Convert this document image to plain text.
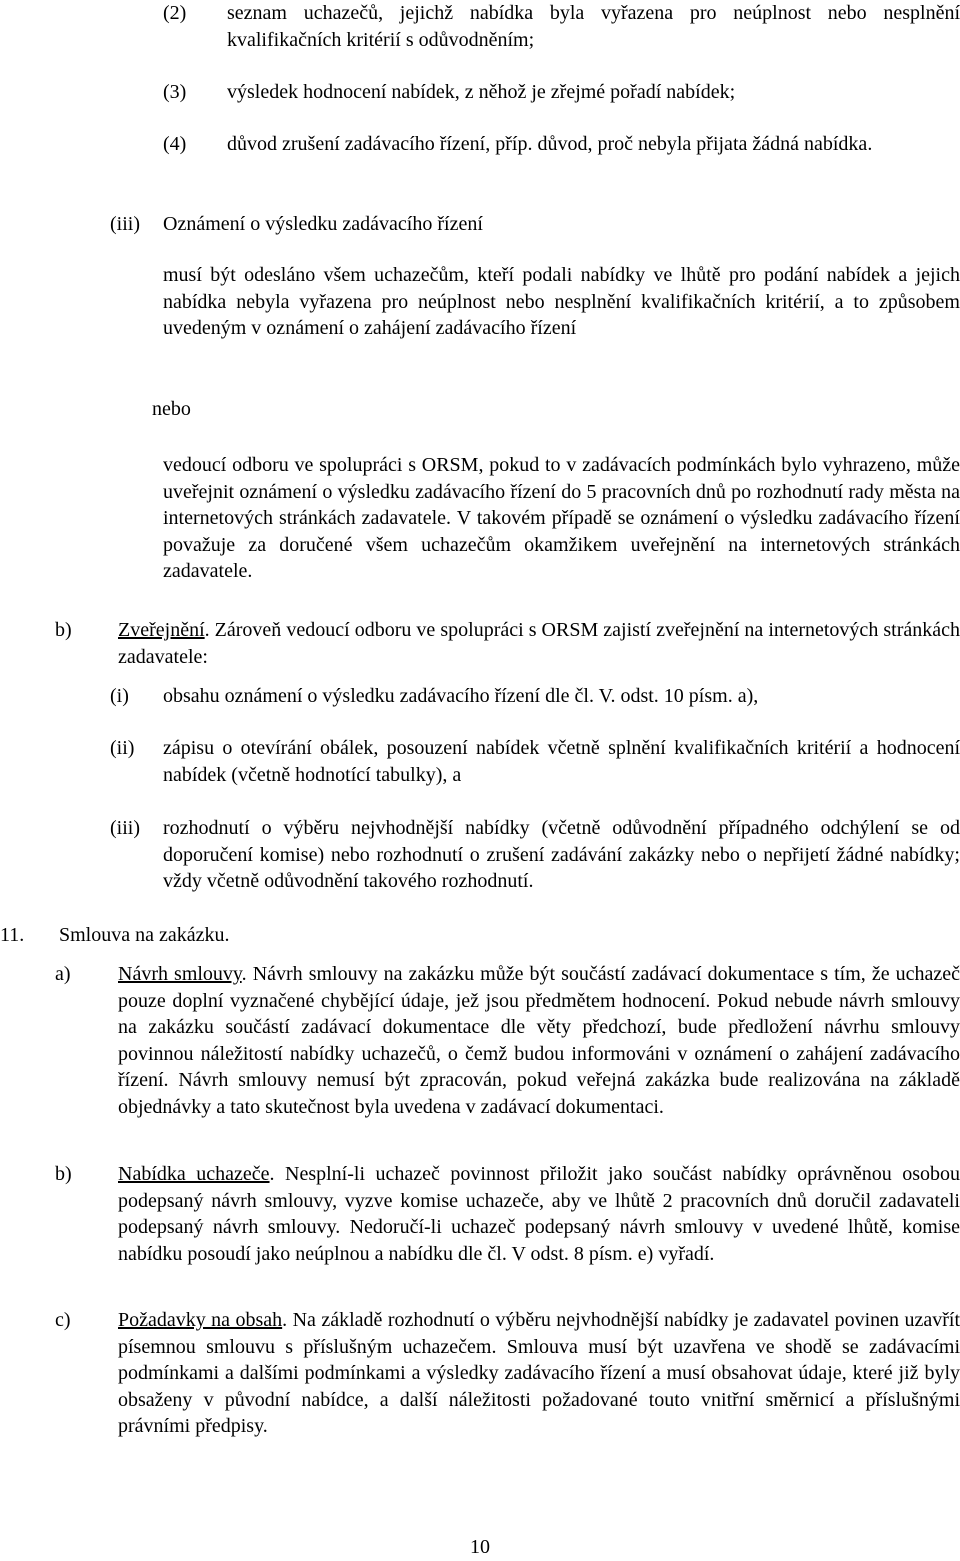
(2) seznam uchazečů, jejichž nabídka byla vyřazena pro neúplnost nebo nesplnění kvalifikačních kritérií s odůvodněním;
(3) výsledek hodnocení nabídek, z něhož je zřejmé pořadí nabídek;
(4) důvod zrušení zadávacího řízení, příp. důvod, proč nebyla přijata žádná nabídka.
(iii) Oznámení o výsledku zadávacího řízení
musí být odesláno všem uchazečům, kteří podali nabídky ve lhůtě pro podání nabídek a jejich nabídka nebyla vyřazena pro neúplnost nebo nesplnění kvalifikačních kritérií, a to způsobem uvedeným v oznámení o zahájení zadávacího řízení
nebo
vedoucí odboru ve spolupráci s ORSM, pokud to v zadávacích podmínkách bylo vyhrazeno, může uveřejnit oznámení o výsledku zadávacího řízení do 5 pracovních dnů po rozhodnutí rady města na internetových stránkách zadavatele. V takovém případě se oznámení o výsledku zadávacího řízení považuje za doručené všem uchazečům okamžikem uveřejnění na internetových stránkách zadavatele.
b) Zveřejnění. Zároveň vedoucí odboru ve spolupráci s ORSM zajistí zveřejnění na internetových stránkách zadavatele:
(i) obsahu oznámení o výsledku zadávacího řízení dle čl. V. odst. 10 písm. a),
(ii) zápisu o otevírání obálek, posouzení nabídek včetně splnění kvalifikačních kritérií a hodnocení nabídek (včetně hodnotící tabulky), a
(iii) rozhodnutí o výběru nejvhodnější nabídky (včetně odůvodnění případného odchýlení se od doporučení komise) nebo rozhodnutí o zrušení zadávání zakázky nebo o nepřijetí žádné nabídky; vždy včetně odůvodnění takového rozhodnutí.
11. Smlouva na zakázku.
a) Návrh smlouvy. Návrh smlouvy na zakázku může být součástí zadávací dokumentace s tím, že uchazeč pouze doplní vyznačené chybějící údaje, jež jsou předmětem hodnocení. Pokud nebude návrh smlouvy na zakázku součástí zadávací dokumentace dle věty předchozí, bude předložení návrhu smlouvy povinnou náležitostí nabídky uchazečů, o čemž budou informováni v oznámení o zahájení zadávacího řízení. Návrh smlouvy nemusí být zpracován, pokud veřejná zakázka bude realizována na základě objednávky a tato skutečnost byla uvedena v zadávací dokumentaci.
b) Nabídka uchazeče. Nesplní-li uchazeč povinnost přiložit jako součást nabídky oprávněnou osobou podepsaný návrh smlouvy, vyzve komise uchazeče, aby ve lhůtě 2 pracovních dnů doručil zadavateli podepsaný návrh smlouvy. Nedoručí-li uchazeč podepsaný návrh smlouvy v uvedené lhůtě, komise nabídku posoudí jako neúplnou a nabídku dle čl. V odst. 8 písm. e) vyřadí.
c) Požadavky na obsah. Na základě rozhodnutí o výběru nejvhodnější nabídky je zadavatel povinen uzavřít písemnou smlouvu s příslušným uchazečem. Smlouva musí být uzavřena ve shodě se zadávacími podmínkami a dalšími podmínkami a výsledky zadávacího řízení a musí obsahovat údaje, které již byly obsaženy v původní nabídce, a další náležitosti požadované touto vnitřní směrnicí a příslušnými právními předpisy.
10
